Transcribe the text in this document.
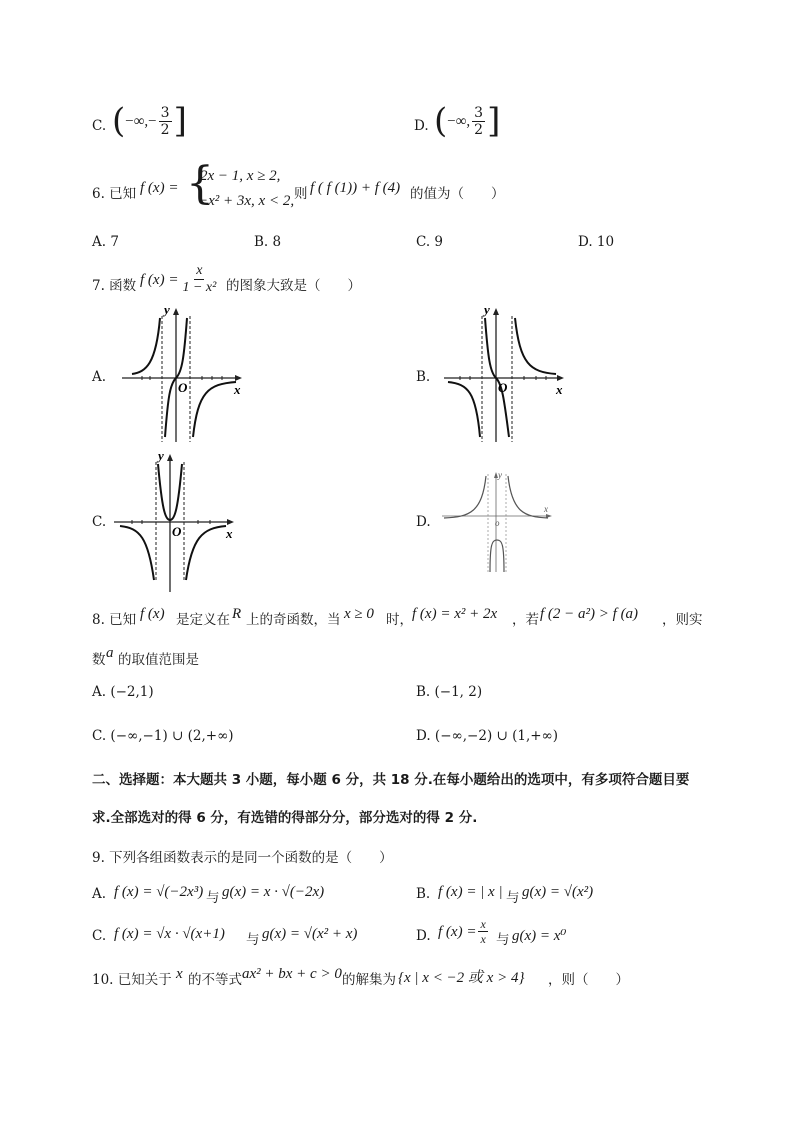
C. (−∞,− $\frac{3}{2}$ ]	D. (−∞, $\frac{3}{2}$ ]
6. 已知 f (x) = {
2x − 1, x ≥ 2,
−x² + 3x, x < 2, 则 f ( f (1)) + f (4) 的值为（　　）
A. 7	B. 8	C. 9	D. 10
7. 函数 f $(x) = \frac{x}{\text{1 − x²}}$ 的图象大致是（　　）
A.	B.
C.	D.
y
x
O
y
x
O
y
x
O
y
x
o
8. 已知 f (x) 是定义在 R 上的奇函数，当 x ≥ 0 时， f (x) = x² + 2x ，若 f (2 − a²) > f (a) ，则实
数 a 的取值范围是
A. (−2,1)	B. (−1, 2)
C. (−∞,−1) ∪ (2,+∞)	D. (−∞,−2) ∪ (1,+∞)
二、选择题：本大题共 3 小题，每小题 6 分，共 18 分.在每小题给出的选项中，有多项符合题目要
求.全部选对的得 6 分，有选错的得部分分，部分选对的得 2 分.
9. 下列各组函数表示的是同一个函数的是（　　）
A. f (x) = √(−2x³) 与 g(x) = x · √(−2x)	B. f (x) = | x | 与 g(x) = √(x²)
C. f (x) = √x · √(x+1) 与 g(x) = √(x² + x)	D. f $(x) = \frac{x}{x}$ 与 g(x) = x⁰
10. 已知关于 x 的不等式 ax² + bx + c > 0 的解集为 {x | x < −2 或 x > 4} ，则（　　）
